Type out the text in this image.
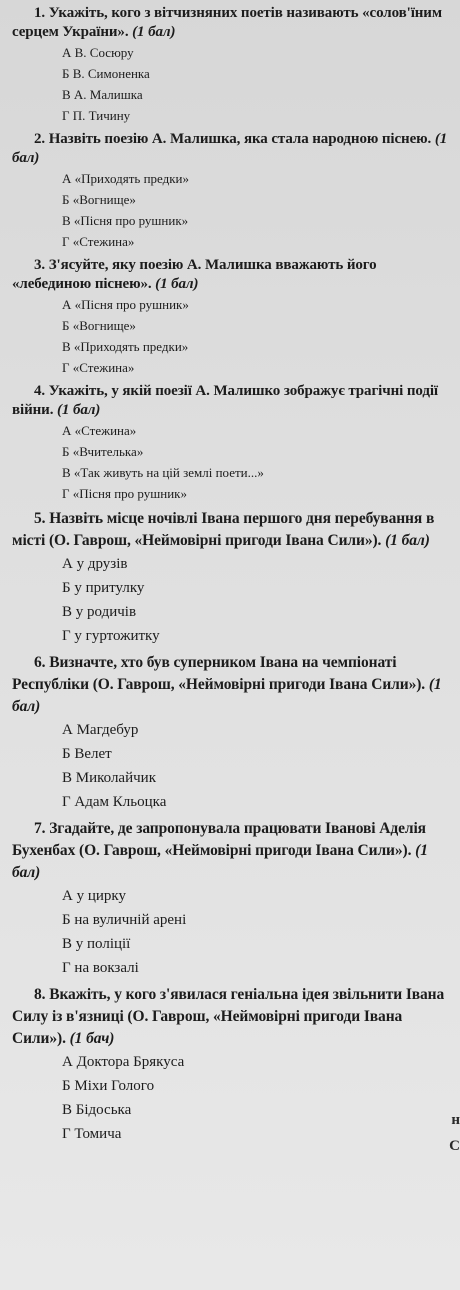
1. Укажіть, кого з вітчизняних поетів називають «солов'їним серцем України». (1 бал)

А В. Сосюру
Б В. Симоненка
В А. Малишка
Г П. Тичину

2. Назвіть поезію А. Малишка, яка стала народною піснею. (1 бал)

А «Приходять предки»
Б «Вогнище»
В «Пісня про рушник»
Г «Стежина»

3. З'ясуйте, яку поезію А. Малишка вважають його «лебединою піснею». (1 бал)

А «Пісня про рушник»
Б «Вогнище»
В «Приходять предки»
Г «Стежина»

4. Укажіть, у якій поезії А. Малишко зображує трагічні події війни. (1 бал)

А «Стежина»
Б «Вчителька»
В «Так живуть на цій землі поети...»
Г «Пісня про рушник»

5. Назвіть місце ночівлі Івана першого дня перебування в місті (О. Гаврош, «Неймовірні пригоди Івана Сили»). (1 бал)

А у друзів
Б у притулку
В у родичів
Г у гуртожитку

6. Визначте, хто був суперником Івана на чемпіонаті Республіки (О. Гаврош, «Неймовірні пригоди Івана Сили»). (1 бал)

А Магдебур
Б Велет
В Миколайчик
Г Адам Кльоцка

7. Згадайте, де запропонувала працювати Іванові Аделія Бухенбах (О. Гаврош, «Неймовірні пригоди Івана Сили»). (1 бал)

А у цирку
Б на вуличній арені
В у поліції
Г на вокзалі

8. Вкажіть, у кого з'явилася геніальна ідея звільнити Івана Силу із в'язниці (О. Гаврош, «Неймовірні пригоди Івана Сили»). (1 бач)

А Доктора Брякуса
Б Міхи Голого
В Бідоська
Г Томича
н
С
